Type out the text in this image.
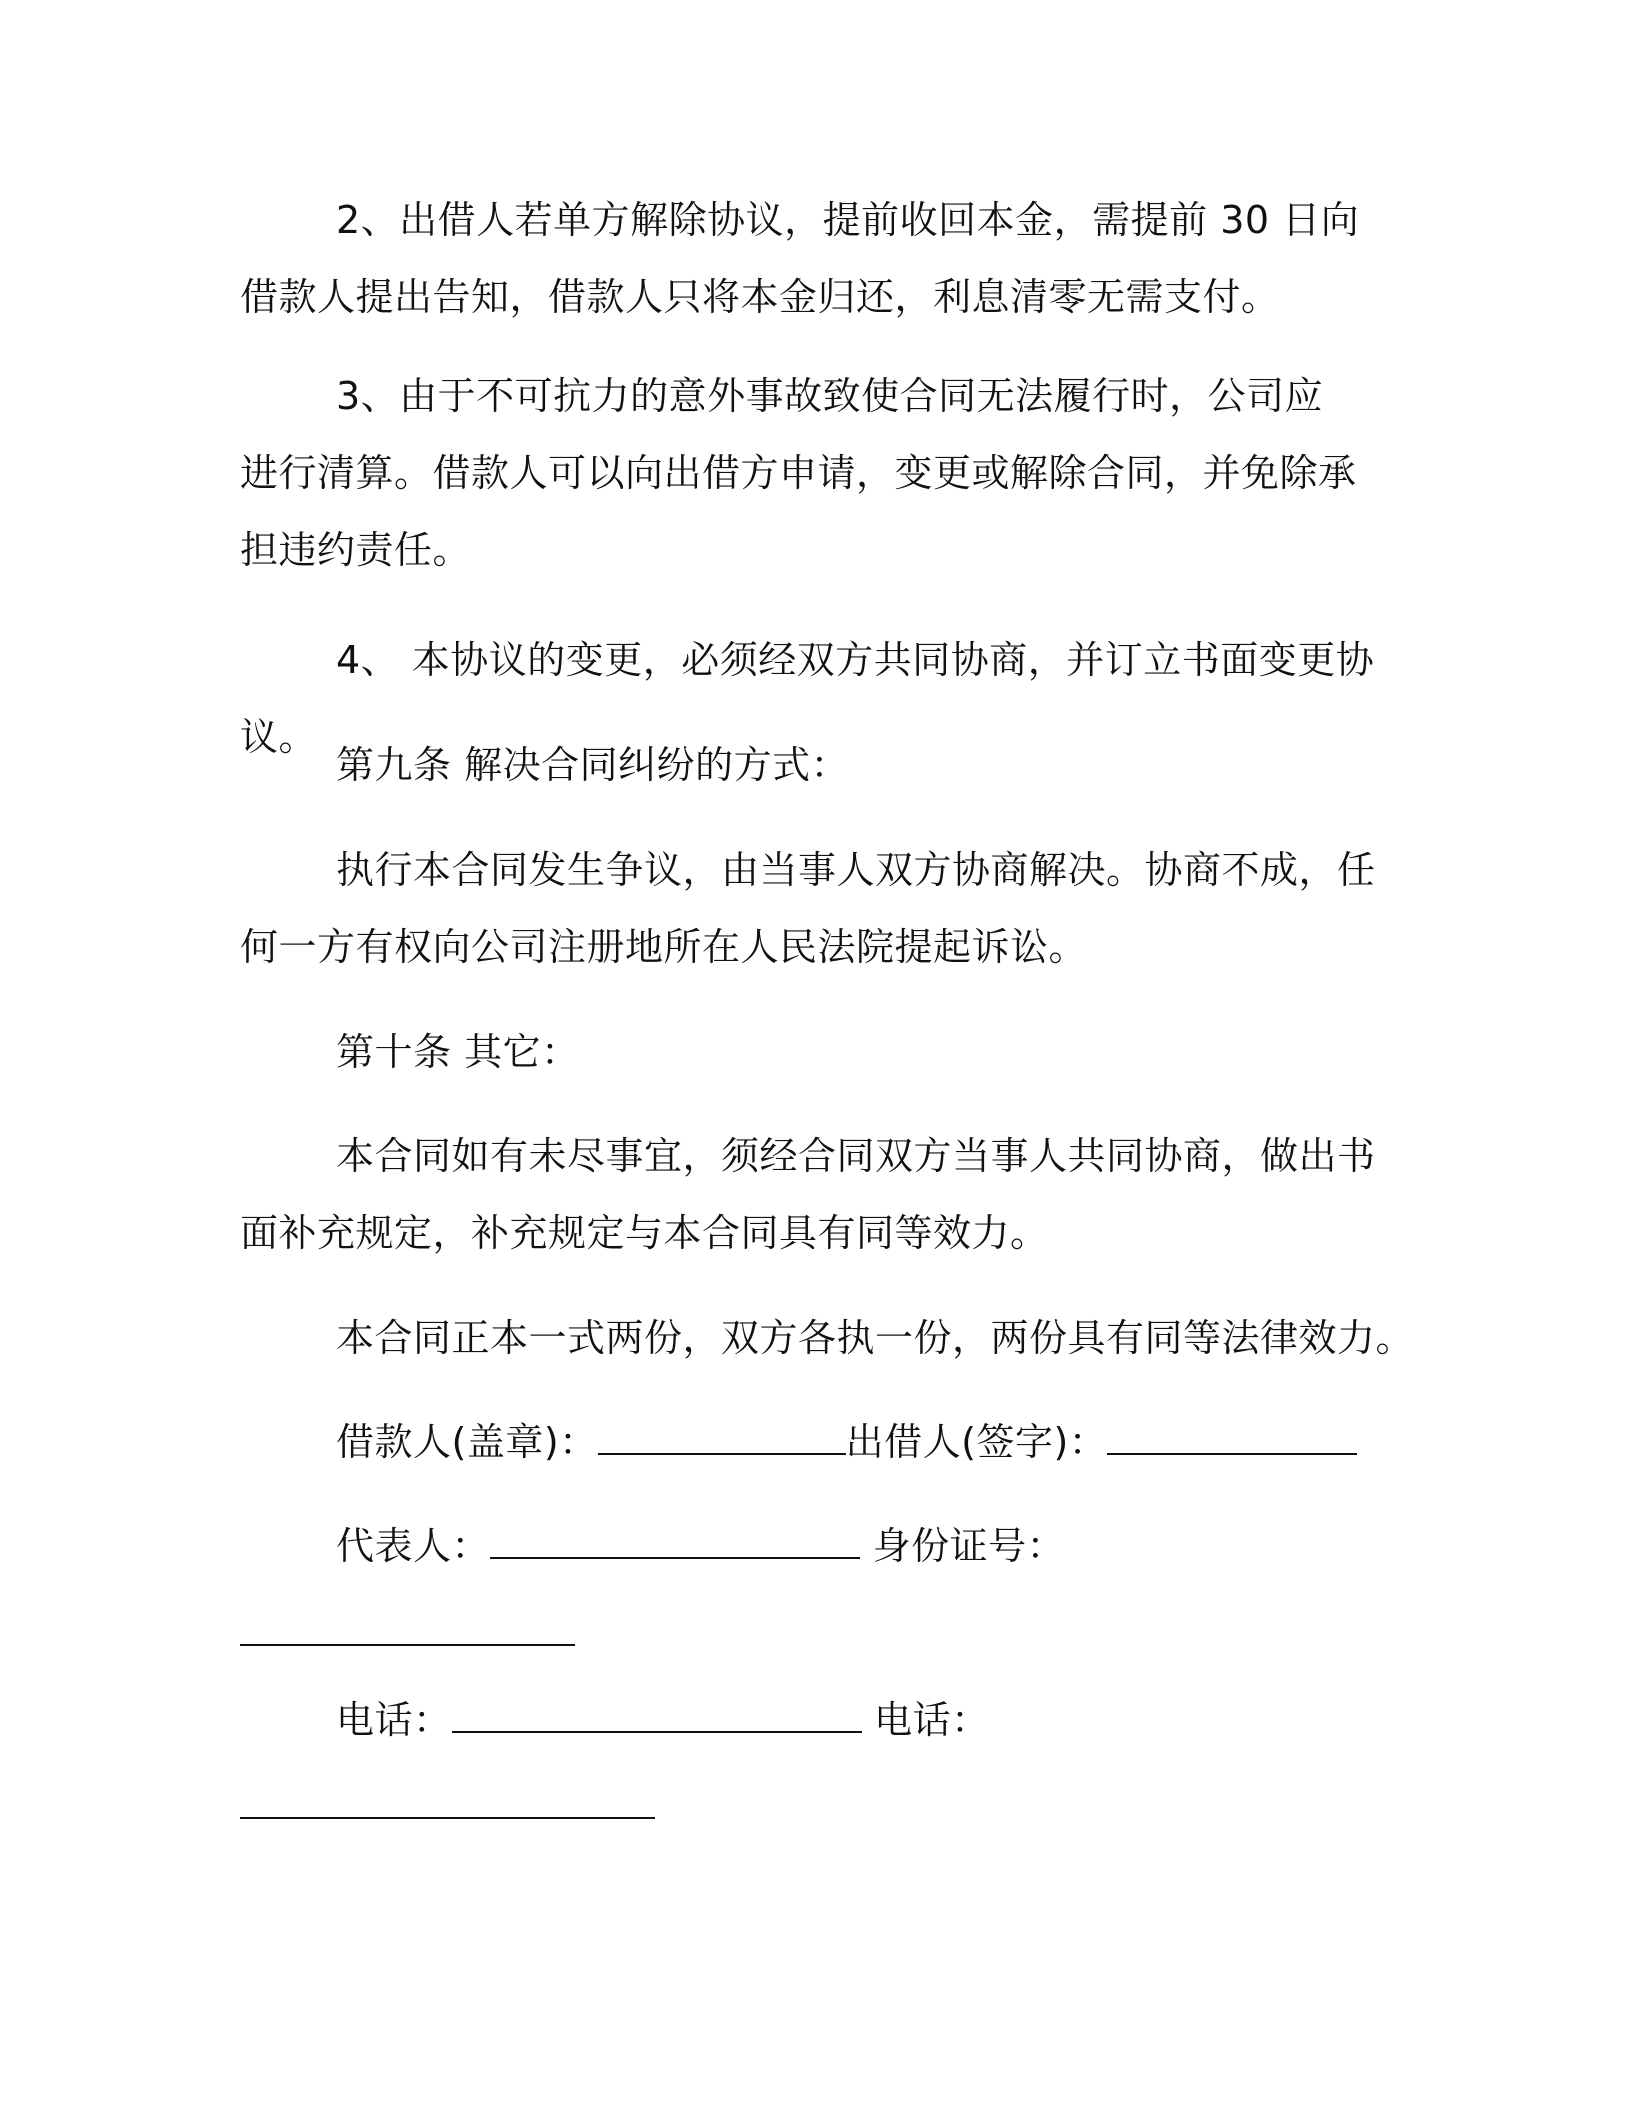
2、出借人若单方解除协议，提前收回本金，需提前 30 日向借款人提出告知，借款人只将本金归还，利息清零无需支付。

3、由于不可抗力的意外事故致使合同无法履行时，公司应进行清算。借款人可以向出借方申请，变更或解除合同，并免除承担违约责任。

4、 本协议的变更，必须经双方共同协商，并订立书面变更协议。

第九条 解决合同纠纷的方式：

执行本合同发生争议，由当事人双方协商解决。协商不成，任何一方有权向公司注册地所在人民法院提起诉讼。

第十条 其它：

本合同如有未尽事宜，须经合同双方当事人共同协商，做出书面补充规定，补充规定与本合同具有同等效力。

本合同正本一式两份，双方各执一份，两份具有同等法律效力。

借款人(盖章)：	出借人(签字)：
代表人：	身份证号：
电话：	电话：
